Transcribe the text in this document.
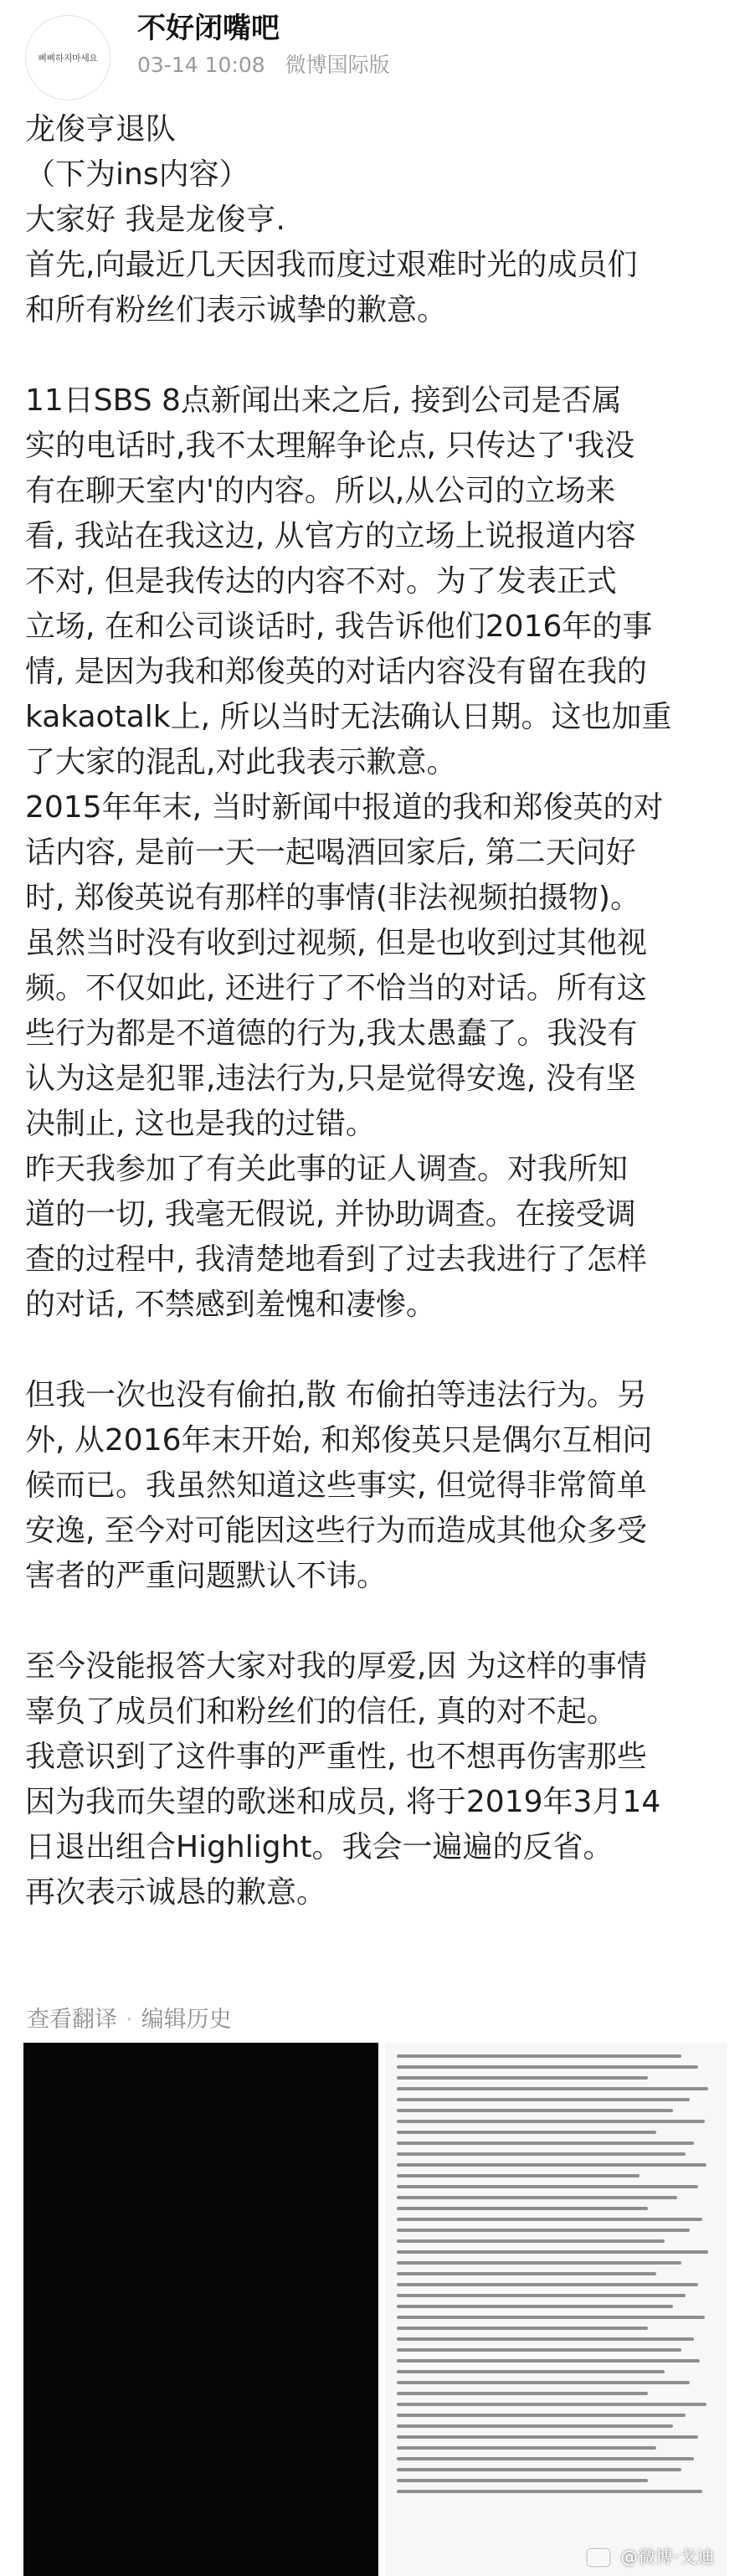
삐삐하지마세요
不好闭嘴吧
03-14 10:08 微博国际版
龙俊亨退队
（下为ins内容）
大家好 我是龙俊亨.
首先,向最近几天因我而度过艰难时光的成员们
和所有粉丝们表示诚挚的歉意。
11日SBS 8点新闻出来之后, 接到公司是否属
实的电话时,我不太理解争论点, 只传达了'我没
有在聊天室内'的内容。所以,从公司的立场来
看, 我站在我这边, 从官方的立场上说报道内容
不对, 但是我传达的内容不对。为了发表正式
立场, 在和公司谈话时, 我告诉他们2016年的事
情, 是因为我和郑俊英的对话内容没有留在我的
kakaotalk上, 所以当时无法确认日期。这也加重
了大家的混乱,对此我表示歉意。
2015年年末, 当时新闻中报道的我和郑俊英的对
话内容, 是前一天一起喝酒回家后, 第二天问好
时, 郑俊英说有那样的事情(非法视频拍摄物)。
虽然当时没有收到过视频, 但是也收到过其他视
频。不仅如此, 还进行了不恰当的对话。所有这
些行为都是不道德的行为,我太愚蠢了。我没有
认为这是犯罪,违法行为,只是觉得安逸, 没有坚
决制止, 这也是我的过错。
昨天我参加了有关此事的证人调查。对我所知
道的一切, 我毫无假说, 并协助调查。在接受调
查的过程中, 我清楚地看到了过去我进行了怎样
的对话, 不禁感到羞愧和凄惨。
但我一次也没有偷拍,散 布偷拍等违法行为。另
外, 从2016年末开始, 和郑俊英只是偶尔互相问
候而已。我虽然知道这些事实, 但觉得非常简单
安逸, 至今对可能因这些行为而造成其他众多受
害者的严重问题默认不讳。
至今没能报答大家对我的厚爱,因 为这样的事情
辜负了成员们和粉丝们的信任, 真的对不起。
我意识到了这件事的严重性, 也不想再伤害那些
因为我而失望的歌迷和成员, 将于2019年3月14
日退出组合Highlight。我会一遍遍的反省。
再次表示诚恳的歉意。
查看翻译 · 编辑历史
@微博·戈迪
